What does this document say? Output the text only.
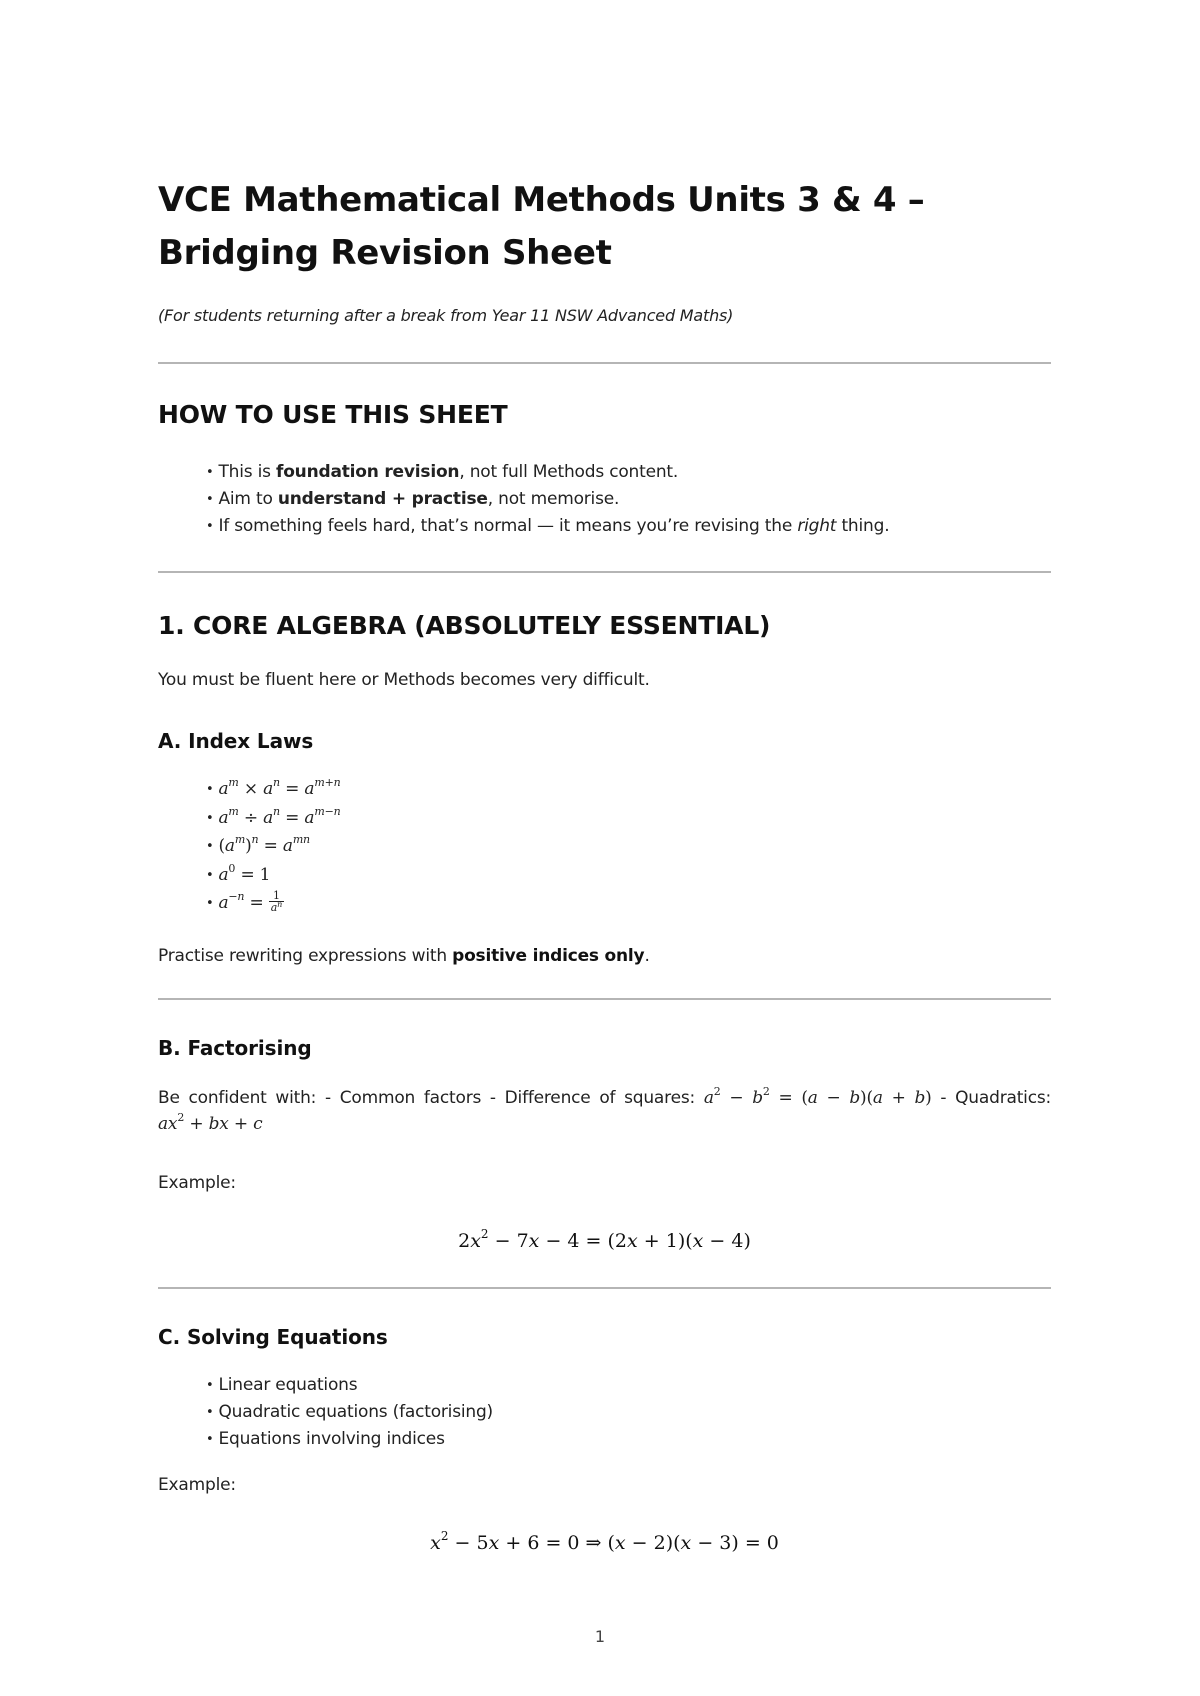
VCE Mathematical Methods Units 3 & 4 – Bridging Revision Sheet
(For students returning after a break from Year 11 NSW Advanced Maths)
HOW TO USE THIS SHEET
• This is foundation revision, not full Methods content.
• Aim to understand + practise, not memorise.
• If something feels hard, that’s normal — it means you’re revising the right thing.
1. CORE ALGEBRA (ABSOLUTELY ESSENTIAL)
You must be fluent here or Methods becomes very difficult.
A. Index Laws
• $a^m \times a^n = a^{m+n}$
• $a^m \div a^n = a^{m-n}$
• $(a^m)^n = a^{mn}$
• $a^0 = 1$
• $a^{-n} = \frac{1}{a^n}$
Practise rewriting expressions with positive indices only.
B. Factorising
Be confident with: - Common factors - Difference of squares: $a^2 - b^2 = (a - b)(a + b)$ - Quadratics:
$ax^2$ + bx + c
Example:
$2x^2 - 7x - 4 = (2x + 1)(x - 4)$
C. Solving Equations
• Linear equations
• Quadratic equations (factorising)
• Equations involving indices
Example:
$x^2 - 5x + 6 = 0$ ⇒ (x − 2)(x − 3) = 0
1
